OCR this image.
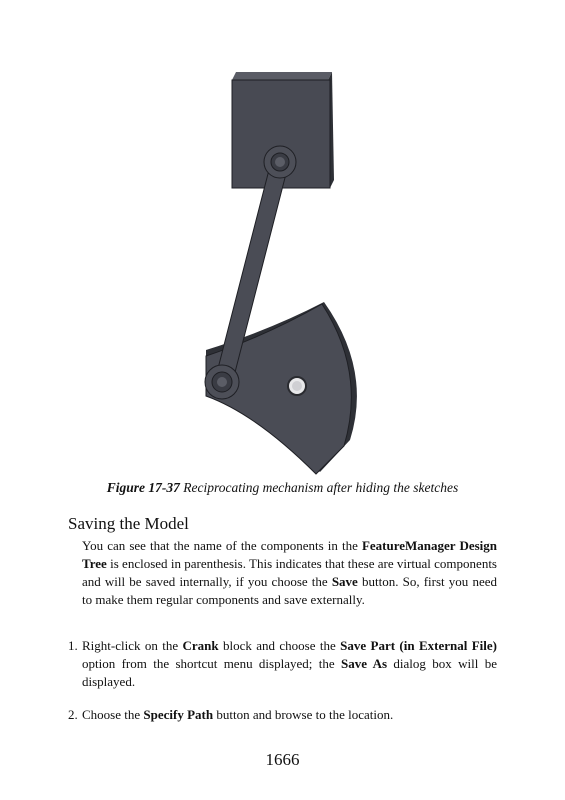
Figure 17-37 Reciprocating mechanism after hiding the sketches
Saving the Model
You can see that the name of the components in the FeatureManager Design Tree is enclosed in parenthesis. This indicates that these are virtual components and will be saved internally, if you choose the Save button. So, first you need to make them regular components and save externally.
1. Right-click on the Crank block and choose the Save Part (in External File) option from the shortcut menu displayed; the Save As dialog box will be displayed.
2. Choose the Specify Path button and browse to the location.
1666
